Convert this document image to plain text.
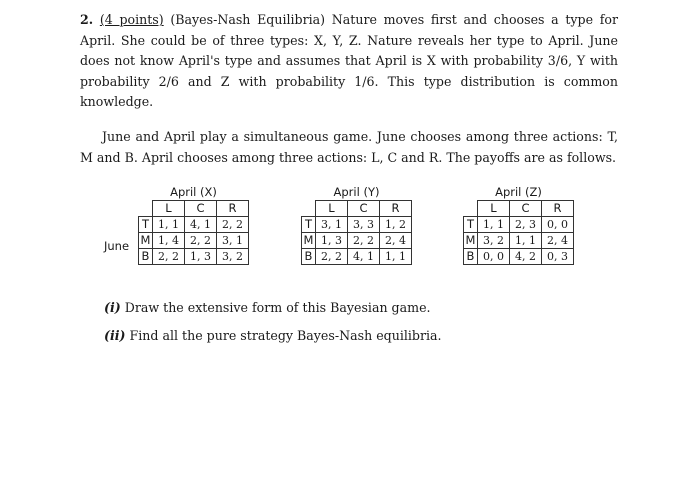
2. (4 points) (Bayes-Nash Equilibria) Nature moves first and chooses a type for April. She could be of three types: X, Y, Z. Nature reveals her type to April. June does not know April's type and assumes that April is X with probability 3/6, Y with probability 2/6 and Z with probability 1/6. This type distribution is common knowledge.

June and April play a simultaneous game. June chooses among three actions: T, M and B. April chooses among three actions: L, C and R. The payoffs are as follows.

June
April (X)
	L	C	R
T	1, 1	4, 1	2, 2
M	1, 4	2, 2	3, 1
B	2, 2	1, 3	3, 2
April (Y)
	L	C	R
T	3, 1	3, 3	1, 2
M	1, 3	2, 2	2, 4
B	2, 2	4, 1	1, 1
April (Z)
	L	C	R
T	1, 1	2, 3	0, 0
M	3, 2	1, 1	2, 4
B	0, 0	4, 2	0, 3

(i) Draw the extensive form of this Bayesian game.

(ii) Find all the pure strategy Bayes-Nash equilibria.
